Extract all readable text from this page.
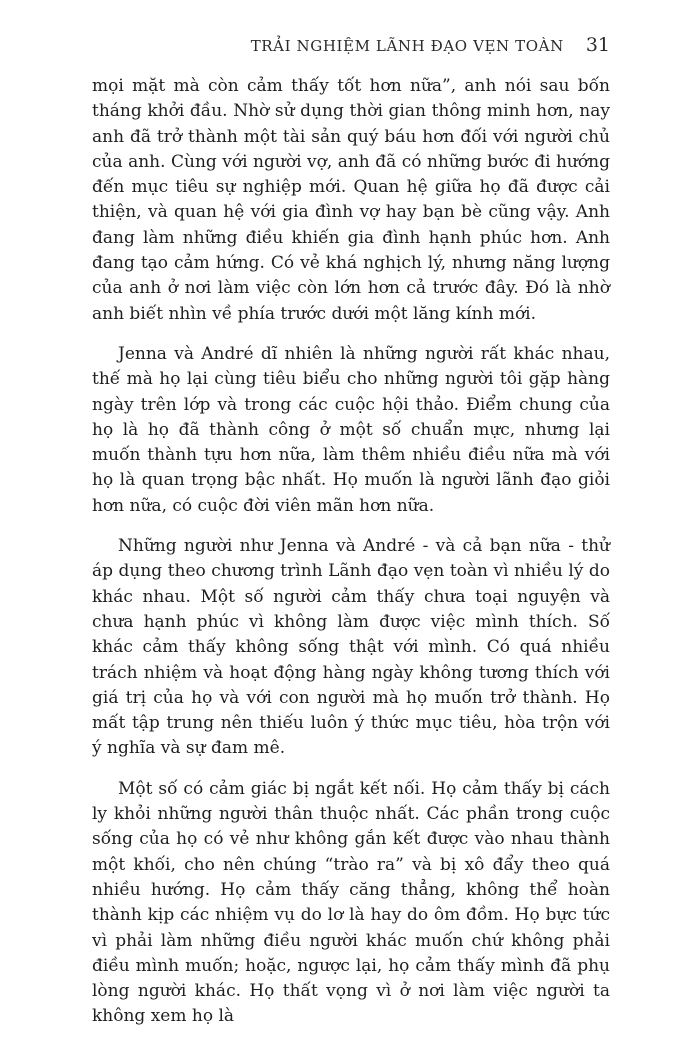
TRẢI NGHIỆM LÃNH ĐẠO VẸN TOÀN 31

mọi mặt mà còn cảm thấy tốt hơn nữa”, anh nói sau bốn tháng khởi đầu. Nhờ sử dụng thời gian thông minh hơn, nay anh đã trở thành một tài sản quý báu hơn đối với người chủ của anh. Cùng với người vợ, anh đã có những bước đi hướng đến mục tiêu sự nghiệp mới. Quan hệ giữa họ đã được cải thiện, và quan hệ với gia đình vợ hay bạn bè cũng vậy. Anh đang làm những điều khiến gia đình hạnh phúc hơn. Anh đang tạo cảm hứng. Có vẻ khá nghịch lý, nhưng năng lượng của anh ở nơi làm việc còn lớn hơn cả trước đây. Đó là nhờ anh biết nhìn về phía trước dưới một lăng kính mới.

Jenna và André dĩ nhiên là những người rất khác nhau, thế mà họ lại cùng tiêu biểu cho những người tôi gặp hàng ngày trên lớp và trong các cuộc hội thảo. Điểm chung của họ là họ đã thành công ở một số chuẩn mực, nhưng lại muốn thành tựu hơn nữa, làm thêm nhiều điều nữa mà với họ là quan trọng bậc nhất. Họ muốn là người lãnh đạo giỏi hơn nữa, có cuộc đời viên mãn hơn nữa.

Những người như Jenna và André - và cả bạn nữa - thử áp dụng theo chương trình Lãnh đạo vẹn toàn vì nhiều lý do khác nhau. Một số người cảm thấy chưa toại nguyện và chưa hạnh phúc vì không làm được việc mình thích. Số khác cảm thấy không sống thật với mình. Có quá nhiều trách nhiệm và hoạt động hàng ngày không tương thích với giá trị của họ và với con người mà họ muốn trở thành. Họ mất tập trung nên thiếu luôn ý thức mục tiêu, hòa trộn với ý nghĩa và sự đam mê.

Một số có cảm giác bị ngắt kết nối. Họ cảm thấy bị cách ly khỏi những người thân thuộc nhất. Các phần trong cuộc sống của họ có vẻ như không gắn kết được vào nhau thành một khối, cho nên chúng “trào ra” và bị xô đẩy theo quá nhiều hướng. Họ cảm thấy căng thẳng, không thể hoàn thành kịp các nhiệm vụ do lơ là hay do ôm đồm. Họ bực tức vì phải làm những điều người khác muốn chứ không phải điều mình muốn; hoặc, ngược lại, họ cảm thấy mình đã phụ lòng người khác. Họ thất vọng vì ở nơi làm việc người ta không xem họ là
